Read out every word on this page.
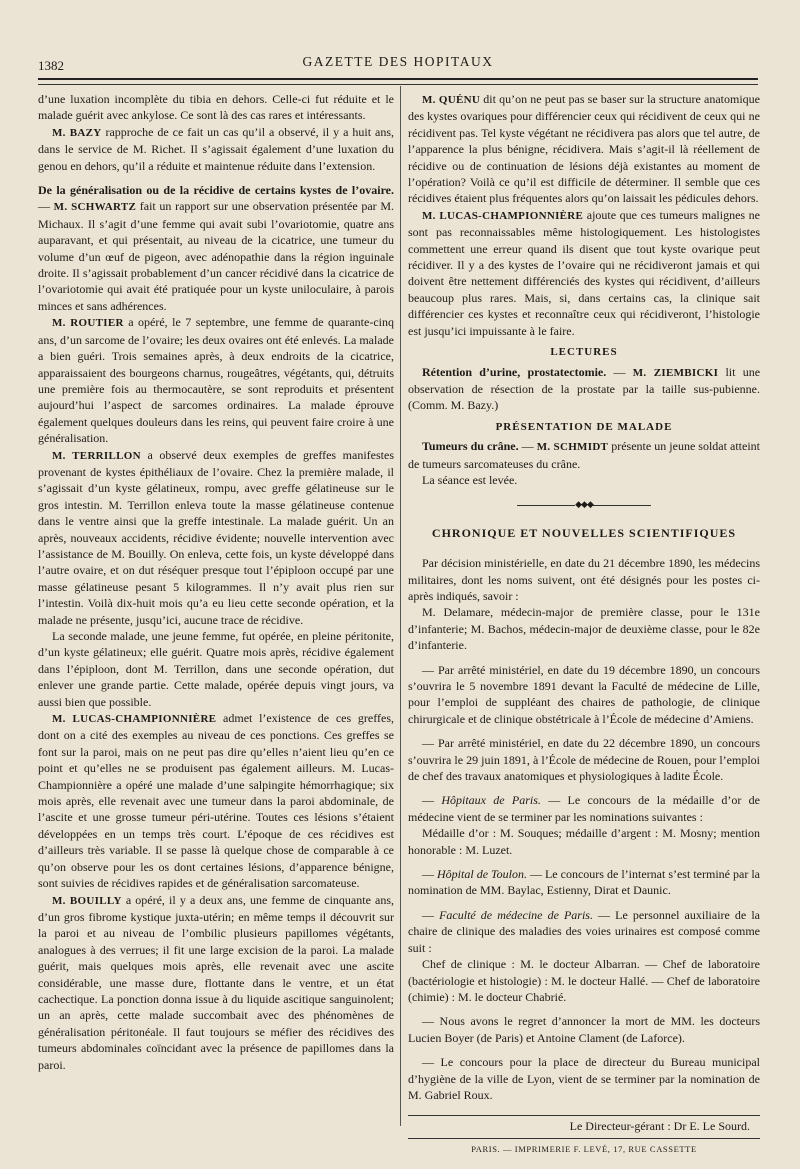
1382	GAZETTE DES HOPITAUX

d’une luxation incomplète du tibia en dehors. Celle-ci fut réduite et le malade guérit avec ankylose. Ce sont là des cas rares et intéressants.

M. BAZY rapproche de ce fait un cas qu’il a observé, il y a huit ans, dans le service de M. Richet. Il s’agissait également d’une luxation du genou en dehors, qu’il a réduite et maintenue réduite dans l’extension.

De la généralisation ou de la récidive de certains kystes de l’ovaire. — M. SCHWARTZ fait un rapport sur une observation présentée par M. Michaux. Il s’agit d’une femme qui avait subi l’ovariotomie, quatre ans auparavant, et qui présentait, au niveau de la cicatrice, une tumeur du volume d’un œuf de pigeon, avec adénopathie dans la région inguinale droite. Il s’agissait probablement d’un cancer récidivé dans la cicatrice de l’ovariotomie qui avait été pratiquée pour un kyste uniloculaire, à parois minces et sans adhérences.

M. ROUTIER a opéré, le 7 septembre, une femme de quarante-cinq ans, d’un sarcome de l’ovaire; les deux ovaires ont été enlevés. La malade a bien guéri. Trois semaines après, à deux endroits de la cicatrice, apparaissaient des bourgeons charnus, rougeâtres, végétants, qui, détruits une première fois au thermocautère, se sont reproduits et présentent aujourd’hui l’aspect de sarcomes ordinaires. La malade éprouve également quelques douleurs dans les reins, qui peuvent faire croire à une généralisation.

M. TERRILLON a observé deux exemples de greffes manifestes provenant de kystes épithéliaux de l’ovaire. Chez la première malade, il s’agissait d’un kyste gélatineux, rompu, avec greffe gélatineuse sur le gros intestin. M. Terrillon enleva toute la masse gélatineuse contenue dans le ventre ainsi que la greffe intestinale. La malade guérit. Un an après, nouveaux accidents, récidive évidente; nouvelle intervention avec l’assistance de M. Bouilly. On enleva, cette fois, un kyste développé dans l’autre ovaire, et on dut réséquer presque tout l’épiploon occupé par une masse gélatineuse pesant 5 kilogrammes. Il n’y avait plus rien sur l’intestin. Voilà dix-huit mois qu’a eu lieu cette seconde opération, et la malade ne présente, jusqu’ici, aucune trace de récidive.

La seconde malade, une jeune femme, fut opérée, en pleine péritonite, d’un kyste gélatineux; elle guérit. Quatre mois après, récidive également dans l’épiploon, dont M. Terrillon, dans une seconde opération, dut enlever une grande partie. Cette malade, opérée depuis vingt jours, va aussi bien que possible.

M. LUCAS-CHAMPIONNIÈRE admet l’existence de ces greffes, dont on a cité des exemples au niveau de ces ponctions. Ces greffes se font sur la paroi, mais on ne peut pas dire qu’elles n’aient lieu qu’en ce point et qu’elles ne se produisent pas également ailleurs. M. Lucas-Championnière a opéré une malade d’une salpingite hémorrhagique; six mois après, elle revenait avec une tumeur dans la paroi abdominale, de l’ascite et une grosse tumeur péri-utérine. Toutes ces lésions s’étaient développées en un temps très court. L’époque de ces récidives est d’ailleurs très variable. Il se passe là quelque chose de comparable à ce qu’on observe pour les os dont certaines lésions, d’apparence bénigne, sont suivies de récidives rapides et de généralisation sarcomateuse.

M. BOUILLY a opéré, il y a deux ans, une femme de cinquante ans, d’un gros fibrome kystique juxta-utérin; en même temps il découvrit sur la paroi et au niveau de l’ombilic plusieurs papillomes végétants, analogues à des verrues; il fit une large excision de la paroi. La malade guérit, mais quelques mois après, elle revenait avec une ascite considérable, une masse dure, flottante dans le ventre, et un état cachectique. La ponction donna issue à du liquide ascitique sanguinolent; un an après, cette malade succombait avec des phénomènes de généralisation péritonéale. Il faut toujours se méfier des récidives des tumeurs abdominales coïncidant avec la présence de papillomes dans la paroi.

M. QUÉNU dit qu’on ne peut pas se baser sur la structure anatomique des kystes ovariques pour différencier ceux qui récidivent de ceux qui ne récidivent pas. Tel kyste végétant ne récidivera pas alors que tel autre, de l’apparence la plus bénigne, récidivera. Mais s’agit-il là réellement de récidive ou de continuation de lésions déjà existantes au moment de l’opération? Voilà ce qu’il est difficile de déterminer. Il semble que ces récidives étaient plus fréquentes alors qu’on laissait les pédicules dehors.

M. LUCAS-CHAMPIONNIÈRE ajoute que ces tumeurs malignes ne sont pas reconnaissables même histologiquement. Les histologistes commettent une erreur quand ils disent que tout kyste ovarique peut récidiver. Il y a des kystes de l’ovaire qui ne récidiveront jamais et qui doivent être nettement différenciés des kystes qui récidivent, d’ailleurs beaucoup plus rares. Mais, si, dans certains cas, la clinique sait différencier ces kystes et reconnaître ceux qui récidiveront, l’histologie est jusqu’ici impuissante à le faire.

LECTURES

Rétention d’urine, prostatectomie. — M. ZIEMBICKI lit une observation de résection de la prostate par la taille sus-pubienne. (Comm. M. Bazy.)

PRÉSENTATION DE MALADE

Tumeurs du crâne. — M. SCHMIDT présente un jeune soldat atteint de tumeurs sarcomateuses du crâne.

La séance est levée.

◆◆◆
CHRONIQUE ET NOUVELLES SCIENTIFIQUES

Par décision ministérielle, en date du 21 décembre 1890, les médecins militaires, dont les noms suivent, ont été désignés pour les postes ci-après indiqués, savoir :

M. Delamare, médecin-major de première classe, pour le 131e d’infanterie; M. Bachos, médecin-major de deuxième classe, pour le 82e d’infanterie.

— Par arrêté ministériel, en date du 19 décembre 1890, un concours s’ouvrira le 5 novembre 1891 devant la Faculté de médecine de Lille, pour l’emploi de suppléant des chaires de pathologie, de clinique chirurgicale et de clinique obstétricale à l’École de médecine d’Amiens.

— Par arrêté ministériel, en date du 22 décembre 1890, un concours s’ouvrira le 29 juin 1891, à l’École de médecine de Rouen, pour l’emploi de chef des travaux anatomiques et physiologiques à ladite École.

— Hôpitaux de Paris. — Le concours de la médaille d’or de médecine vient de se terminer par les nominations suivantes :

Médaille d’or : M. Souques; médaille d’argent : M. Mosny; mention honorable : M. Luzet.

— Hôpital de Toulon. — Le concours de l’internat s’est terminé par la nomination de MM. Baylac, Estienny, Dirat et Daunic.

— Faculté de médecine de Paris. — Le personnel auxiliaire de la chaire de clinique des maladies des voies urinaires est composé comme suit :

Chef de clinique : M. le docteur Albarran. — Chef de laboratoire (bactériologie et histologie) : M. le docteur Hallé. — Chef de laboratoire (chimie) : M. le docteur Chabrié.

— Nous avons le regret d’annoncer la mort de MM. les docteurs Lucien Boyer (de Paris) et Antoine Clament (de Laforce).

— Le concours pour la place de directeur du Bureau municipal d’hygiène de la ville de Lyon, vient de se terminer par la nomination de M. Gabriel Roux.

Le Directeur-gérant : Dr E. Le Sourd.
PARIS. — IMPRIMERIE F. LEVÉ, 17, RUE CASSETTE
